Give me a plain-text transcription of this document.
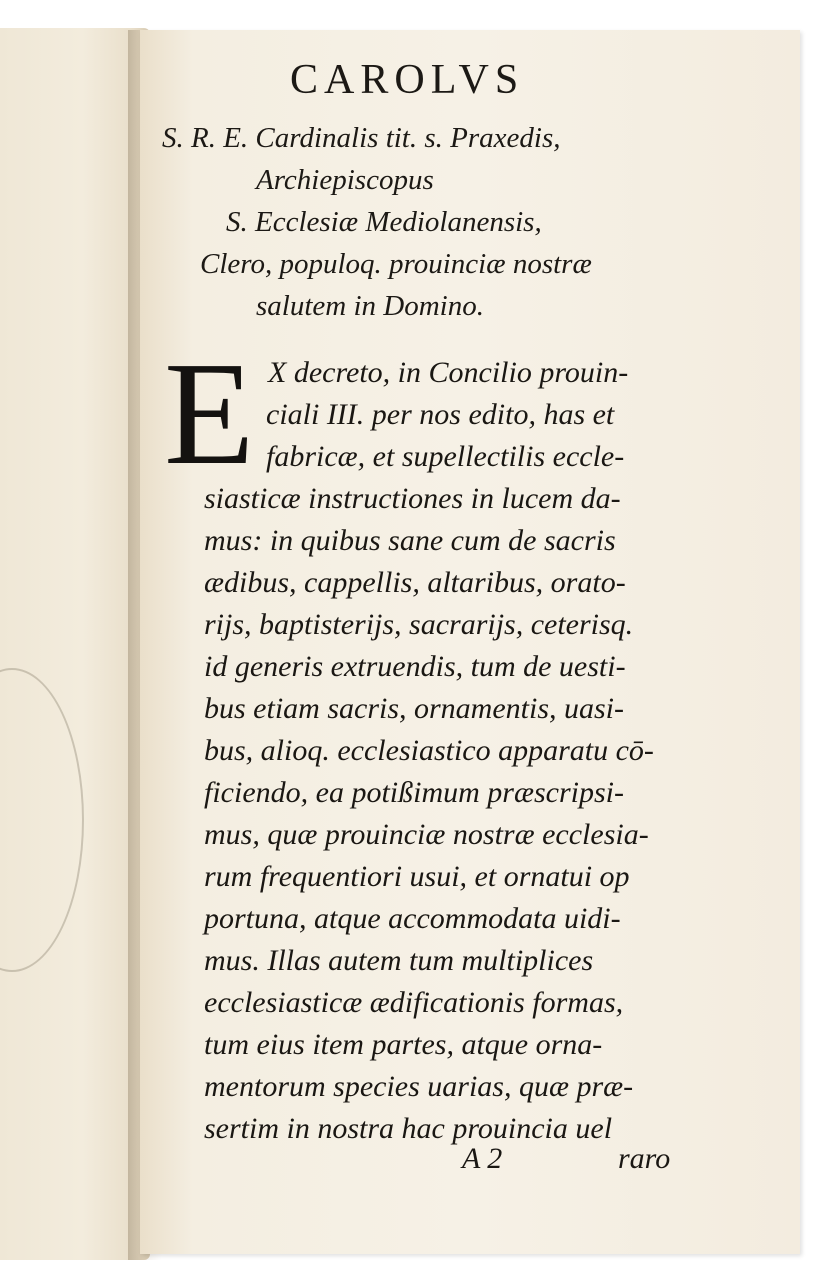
CAROLVS

S. R. E. Cardinalis tit. s. Praxedis,

Archiepiscopus

S. Ecclesiæ Mediolanensis,

Clero, populoq. prouinciæ nostræ

salutem in Domino.

E X decreto, in Concilio prouin-

ciali III. per nos edito, has et

fabricæ, et supellectilis eccle-

siasticæ instructiones in lucem da-

mus: in quibus sane cum de sacris

ædibus, cappellis, altaribus, orato-

rijs, baptisterijs, sacrarijs, ceterisq.

id generis extruendis, tum de uesti-

bus etiam sacris, ornamentis, uasi-

bus, alioq. ecclesiastico apparatu cō-

ficiendo, ea potißimum præscripsi-

mus, quæ prouinciæ nostræ ecclesia-

rum frequentiori usui, et ornatui op

portuna, atque accommodata uidi-

mus. Illas autem tum multiplices

ecclesiasticæ ædificationis formas,

tum eius item partes, atque orna-

mentorum species uarias, quæ præ-

sertim in nostra hac prouincia uel

A 2	raro
